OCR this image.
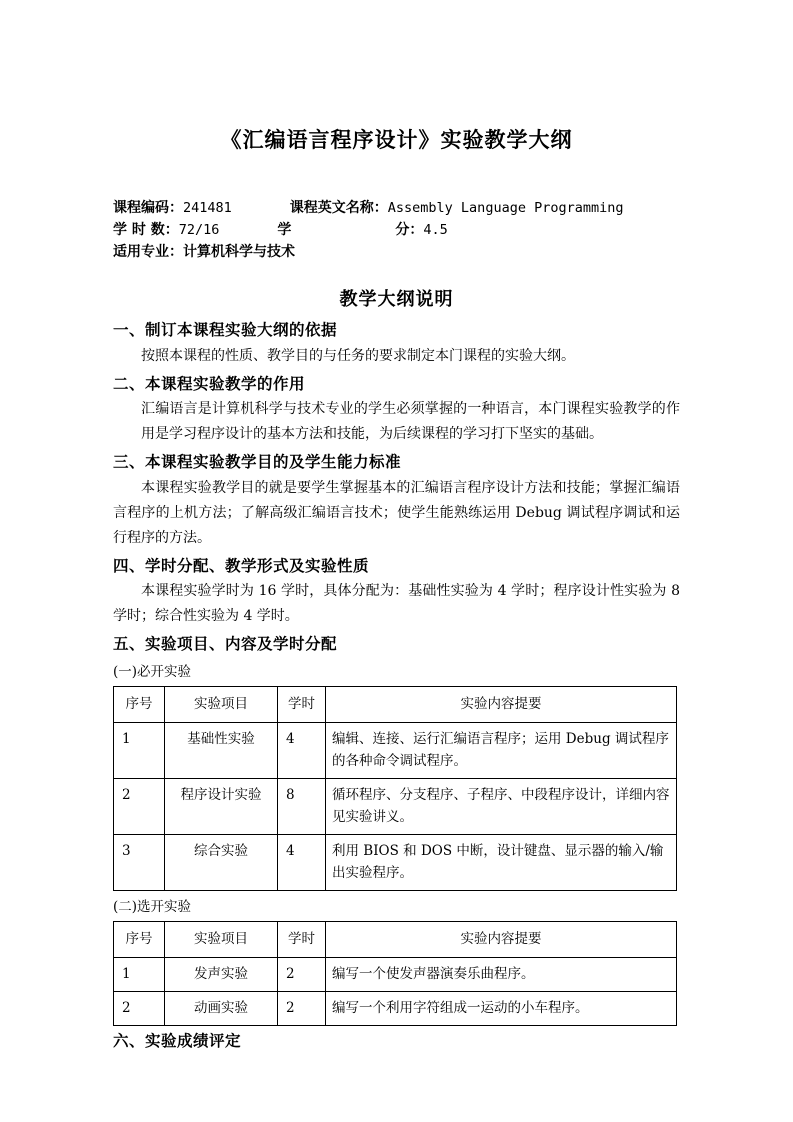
《汇编语言程序设计》实验教学大纲
课程编码：241481	课程英文名称：Assembly Language Programming
学 时 数：72/16	学	分：4.5
适用专业：计算机科学与技术
教学大纲说明
一、制订本课程实验大纲的依据

按照本课程的性质、教学目的与任务的要求制定本门课程的实验大纲。

二、本课程实验教学的作用

汇编语言是计算机科学与技术专业的学生必须掌握的一种语言，本门课程实验教学的作用是学习程序设计的基本方法和技能，为后续课程的学习打下坚实的基础。

三、本课程实验教学目的及学生能力标准

本课程实验教学目的就是要学生掌握基本的汇编语言程序设计方法和技能；掌握汇编语言程序的上机方法；了解高级汇编语言技术；使学生能熟练运用 Debug 调试程序调试和运行程序的方法。

四、学时分配、教学形式及实验性质

本课程实验学时为 16 学时，具体分配为：基础性实验为 4 学时；程序设计性实验为 8 学时；综合性实验为 4 学时。

五、实验项目、内容及学时分配
(一)必开实验
序号	实验项目	学时	实验内容提要
1	基础性实验	4	编辑、连接、运行汇编语言程序；运用 Debug 调试程序的各种命令调试程序。
2	程序设计实验	8	循环程序、分支程序、子程序、中段程序设计，详细内容见实验讲义。
3	综合实验	4	利用 BIOS 和 DOS 中断，设计键盘、显示器的输入/输出实验程序。
(二)选开实验
序号	实验项目	学时	实验内容提要
1	发声实验	2	编写一个使发声器演奏乐曲程序。
2	动画实验	2	编写一个利用字符组成一运动的小车程序。
六、实验成绩评定
